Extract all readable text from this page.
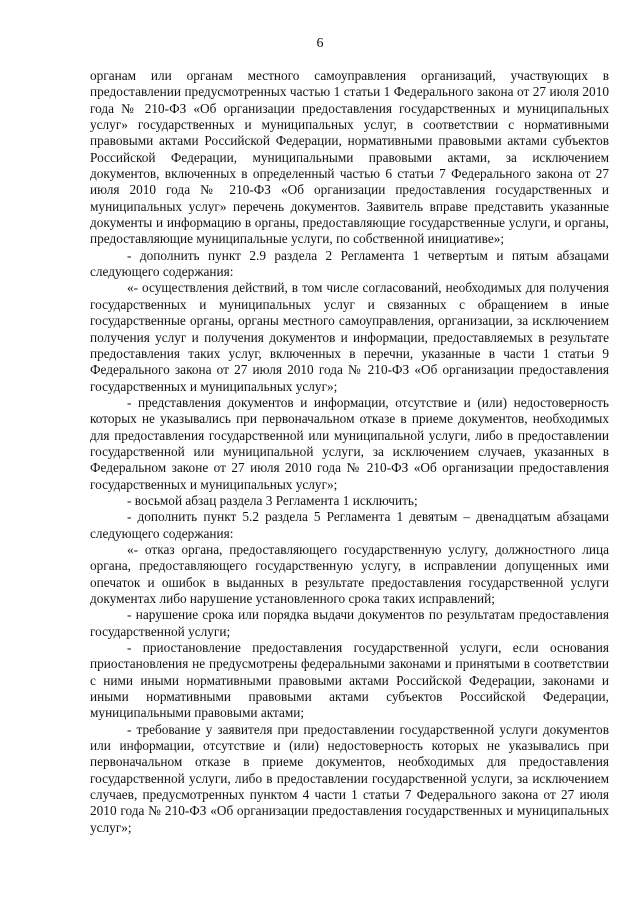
6

органам или органам местного самоуправления организаций, участвующих в предоставлении предусмотренных частью 1 статьи 1 Федерального закона от 27 июля 2010 года № 210-ФЗ «Об организации предоставления государственных и муниципальных услуг» государственных и муниципальных услуг, в соответствии с нормативными правовыми актами Российской Федерации, нормативными правовыми актами субъектов Российской Федерации, муниципальными правовыми актами, за исключением документов, включенных в определенный частью 6 статьи 7 Федерального закона от 27 июля 2010 года № 210-ФЗ «Об организации предоставления государственных и муниципальных услуг» перечень документов. Заявитель вправе представить указанные документы и информацию в органы, предоставляющие государственные услуги, и органы, предоставляющие муниципальные услуги, по собственной инициативе»;

- дополнить пункт 2.9 раздела 2 Регламента 1 четвертым и пятым абзацами следующего содержания:

«- осуществления действий, в том числе согласований, необходимых для получения государственных и муниципальных услуг и связанных с обращением в иные государственные органы, органы местного самоуправления, организации, за исключением получения услуг и получения документов и информации, предоставляемых в результате предоставления таких услуг, включенных в перечни, указанные в части 1 статьи 9 Федерального закона от 27 июля 2010 года № 210-ФЗ «Об организации предоставления государственных и муниципальных услуг»;

- представления документов и информации, отсутствие и (или) недостоверность которых не указывались при первоначальном отказе в приеме документов, необходимых для предоставления государственной или муниципальной услуги, либо в предоставлении государственной или муниципальной услуги, за исключением случаев, указанных в Федеральном законе от 27 июля 2010 года № 210-ФЗ «Об организации предоставления государственных и муниципальных услуг»;

- восьмой абзац раздела 3 Регламента 1 исключить;

- дополнить пункт 5.2 раздела 5 Регламента 1 девятым – двенадцатым абзацами следующего содержания:

«- отказ органа, предоставляющего государственную услугу, должностного лица органа, предоставляющего государственную услугу, в исправлении допущенных ими опечаток и ошибок в выданных в результате предоставления государственной услуги документах либо нарушение установленного срока таких исправлений;

- нарушение срока или порядка выдачи документов по результатам предоставления государственной услуги;

- приостановление предоставления государственной услуги, если основания приостановления не предусмотрены федеральными законами и принятыми в соответствии с ними иными нормативными правовыми актами Российской Федерации, законами и иными нормативными правовыми актами субъектов Российской Федерации, муниципальными правовыми актами;

- требование у заявителя при предоставлении государственной услуги документов или информации, отсутствие и (или) недостоверность которых не указывались при первоначальном отказе в приеме документов, необходимых для предоставления государственной услуги, либо в предоставлении государственной услуги, за исключением случаев, предусмотренных пунктом 4 части 1 статьи 7 Федерального закона от 27 июля 2010 года № 210-ФЗ «Об организации предоставления государственных и муниципальных услуг»;
